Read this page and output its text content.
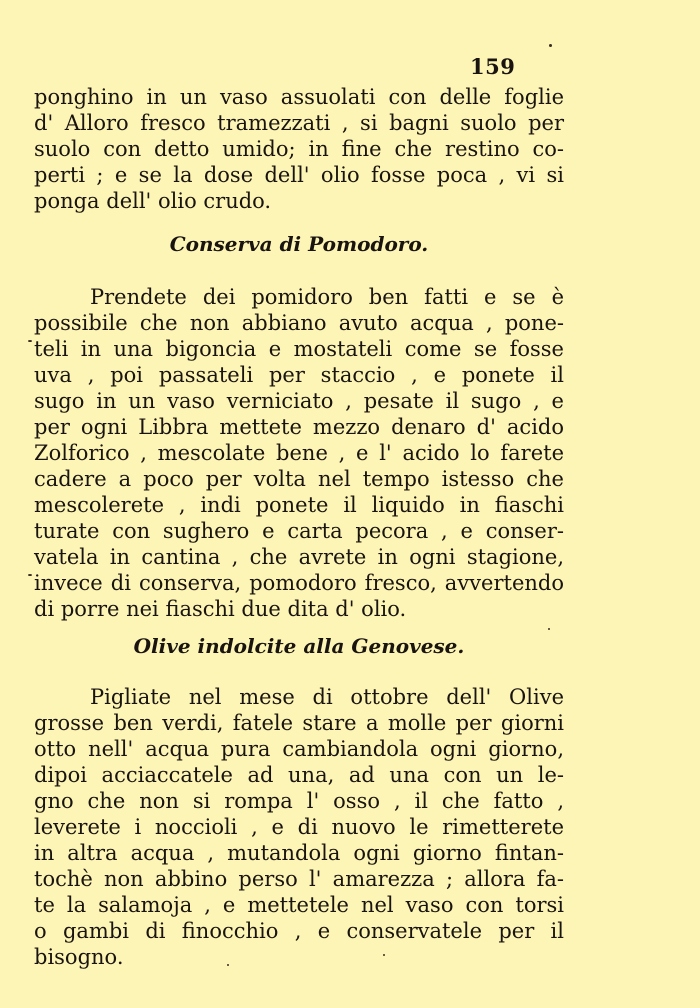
159
ponghino in un vaso assuolati con delle foglie
d' Alloro fresco tramezzati , si bagni suolo per
suolo con detto umido; in fine che restino co-
perti ; e se la dose dell' olio fosse poca , vi si
ponga dell' olio crudo.
Conserva di Pomodoro.
Prendete dei pomidoro ben fatti e se è
possibile che non abbiano avuto acqua , pone-
teli in una bigoncia e mostateli come se fosse
uva , poi passateli per staccio , e ponete il
sugo in un vaso verniciato , pesate il sugo , e
per ogni Libbra mettete mezzo denaro d' acido
Zolforico , mescolate bene , e l' acido lo farete
cadere a poco per volta nel tempo istesso che
mescolerete , indi ponete il liquido in fiaschi
turate con sughero e carta pecora , e conser-
vatela in cantina , che avrete in ogni stagione,
invece di conserva, pomodoro fresco, avvertendo
di porre nei fiaschi due dita d' olio.
Olive indolcite alla Genovese.
Pigliate nel mese di ottobre dell' Olive
grosse ben verdi, fatele stare a molle per giorni
otto nell' acqua pura cambiandola ogni giorno,
dipoi acciaccatele ad una, ad una con un le-
gno che non si rompa l' osso , il che fatto ,
leverete i noccioli , e di nuovo le rimetterete
in altra acqua , mutandola ogni giorno fintan-
tochè non abbino perso l' amarezza ; allora fa-
te la salamoja , e mettetele nel vaso con torsi
o gambi di finocchio , e conservatele per il
bisogno.
